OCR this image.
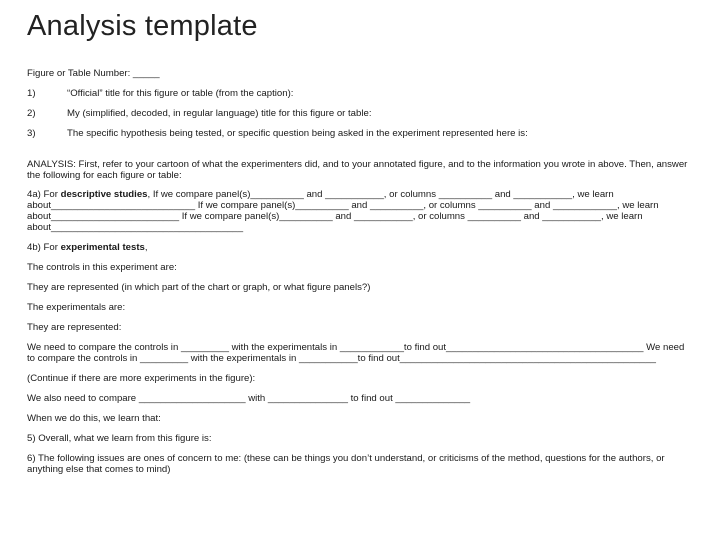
Analysis template

Figure or Table Number: _____

1)	“Official” title for this figure or table (from the caption):
2)	My (simplified, decoded, in regular language) title for this figure or table:
3)	The specific hypothesis being tested, or specific question being asked in the experiment represented here is:

ANALYSIS: First, refer to your cartoon of what the experimenters did, and to your annotated figure, and to the information you wrote in above. Then, answer the following for each figure or table:

4a) For descriptive studies, If we compare panel(s)__________ and ___________, or columns __________ and ___________, we learn about___________________________ If we compare panel(s)__________ and __________, or columns __________ and ____________, we learn about________________________ If we compare panel(s)__________ and ___________, or columns __________ and ___________, we learn about____________________________________

4b) For experimental tests,

The controls in this experiment are:

They are represented (in which part of the chart or graph, or what figure panels?)

The experimentals are:

They are represented:

We need to compare the controls in _________ with the experimentals in ____________to find out_____________________________________ We need to compare the controls in _________ with the experimentals in ___________to find out________________________________________________

(Continue if there are more experiments in the figure):

We also need to compare ____________________ with _______________ to find out ______________

When we do this, we learn that:

5) Overall, what we learn from this figure is:

6) The following issues are ones of concern to me: (these can be things you don’t understand, or criticisms of the method, questions for the authors, or anything else that comes to mind)
